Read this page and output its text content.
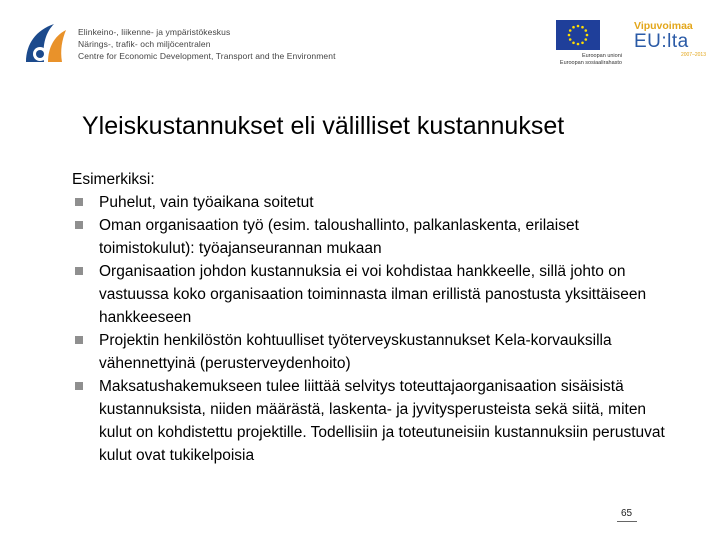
Elinkeino-, liikenne- ja ympäristökeskus
Närings-, trafik- och miljöcentralen
Centre for Economic Development, Transport and the Environment	Euroopan unioni
Euroopan sosiaalirahasto
Vipuvoimaa
EU:lta
2007–2013
Yleiskustannukset eli välilliset kustannukset

Esimerkiksi:

Puhelut, vain työaikana soitetut
Oman organisaation työ (esim. taloushallinto, palkanlaskenta, erilaiset toimistokulut): työajanseurannan mukaan
Organisaation johdon kustannuksia ei voi kohdistaa hankkeelle, sillä johto on vastuussa koko organisaation toiminnasta ilman erillistä panostusta yksittäiseen hankkeeseen
Projektin henkilöstön kohtuulliset työterveyskustannukset Kela-korvauksilla vähennettyinä (perusterveydenhoito)
Maksatushakemukseen tulee liittää selvitys toteuttajaorganisaation sisäisistä kustannuksista, niiden määrästä, laskenta- ja jyvitysperusteista sekä siitä, miten kulut on kohdistettu projektille. Todellisiin ja toteutuneisiin kustannuksiin perustuvat kulut ovat tukikelpoisia
65
